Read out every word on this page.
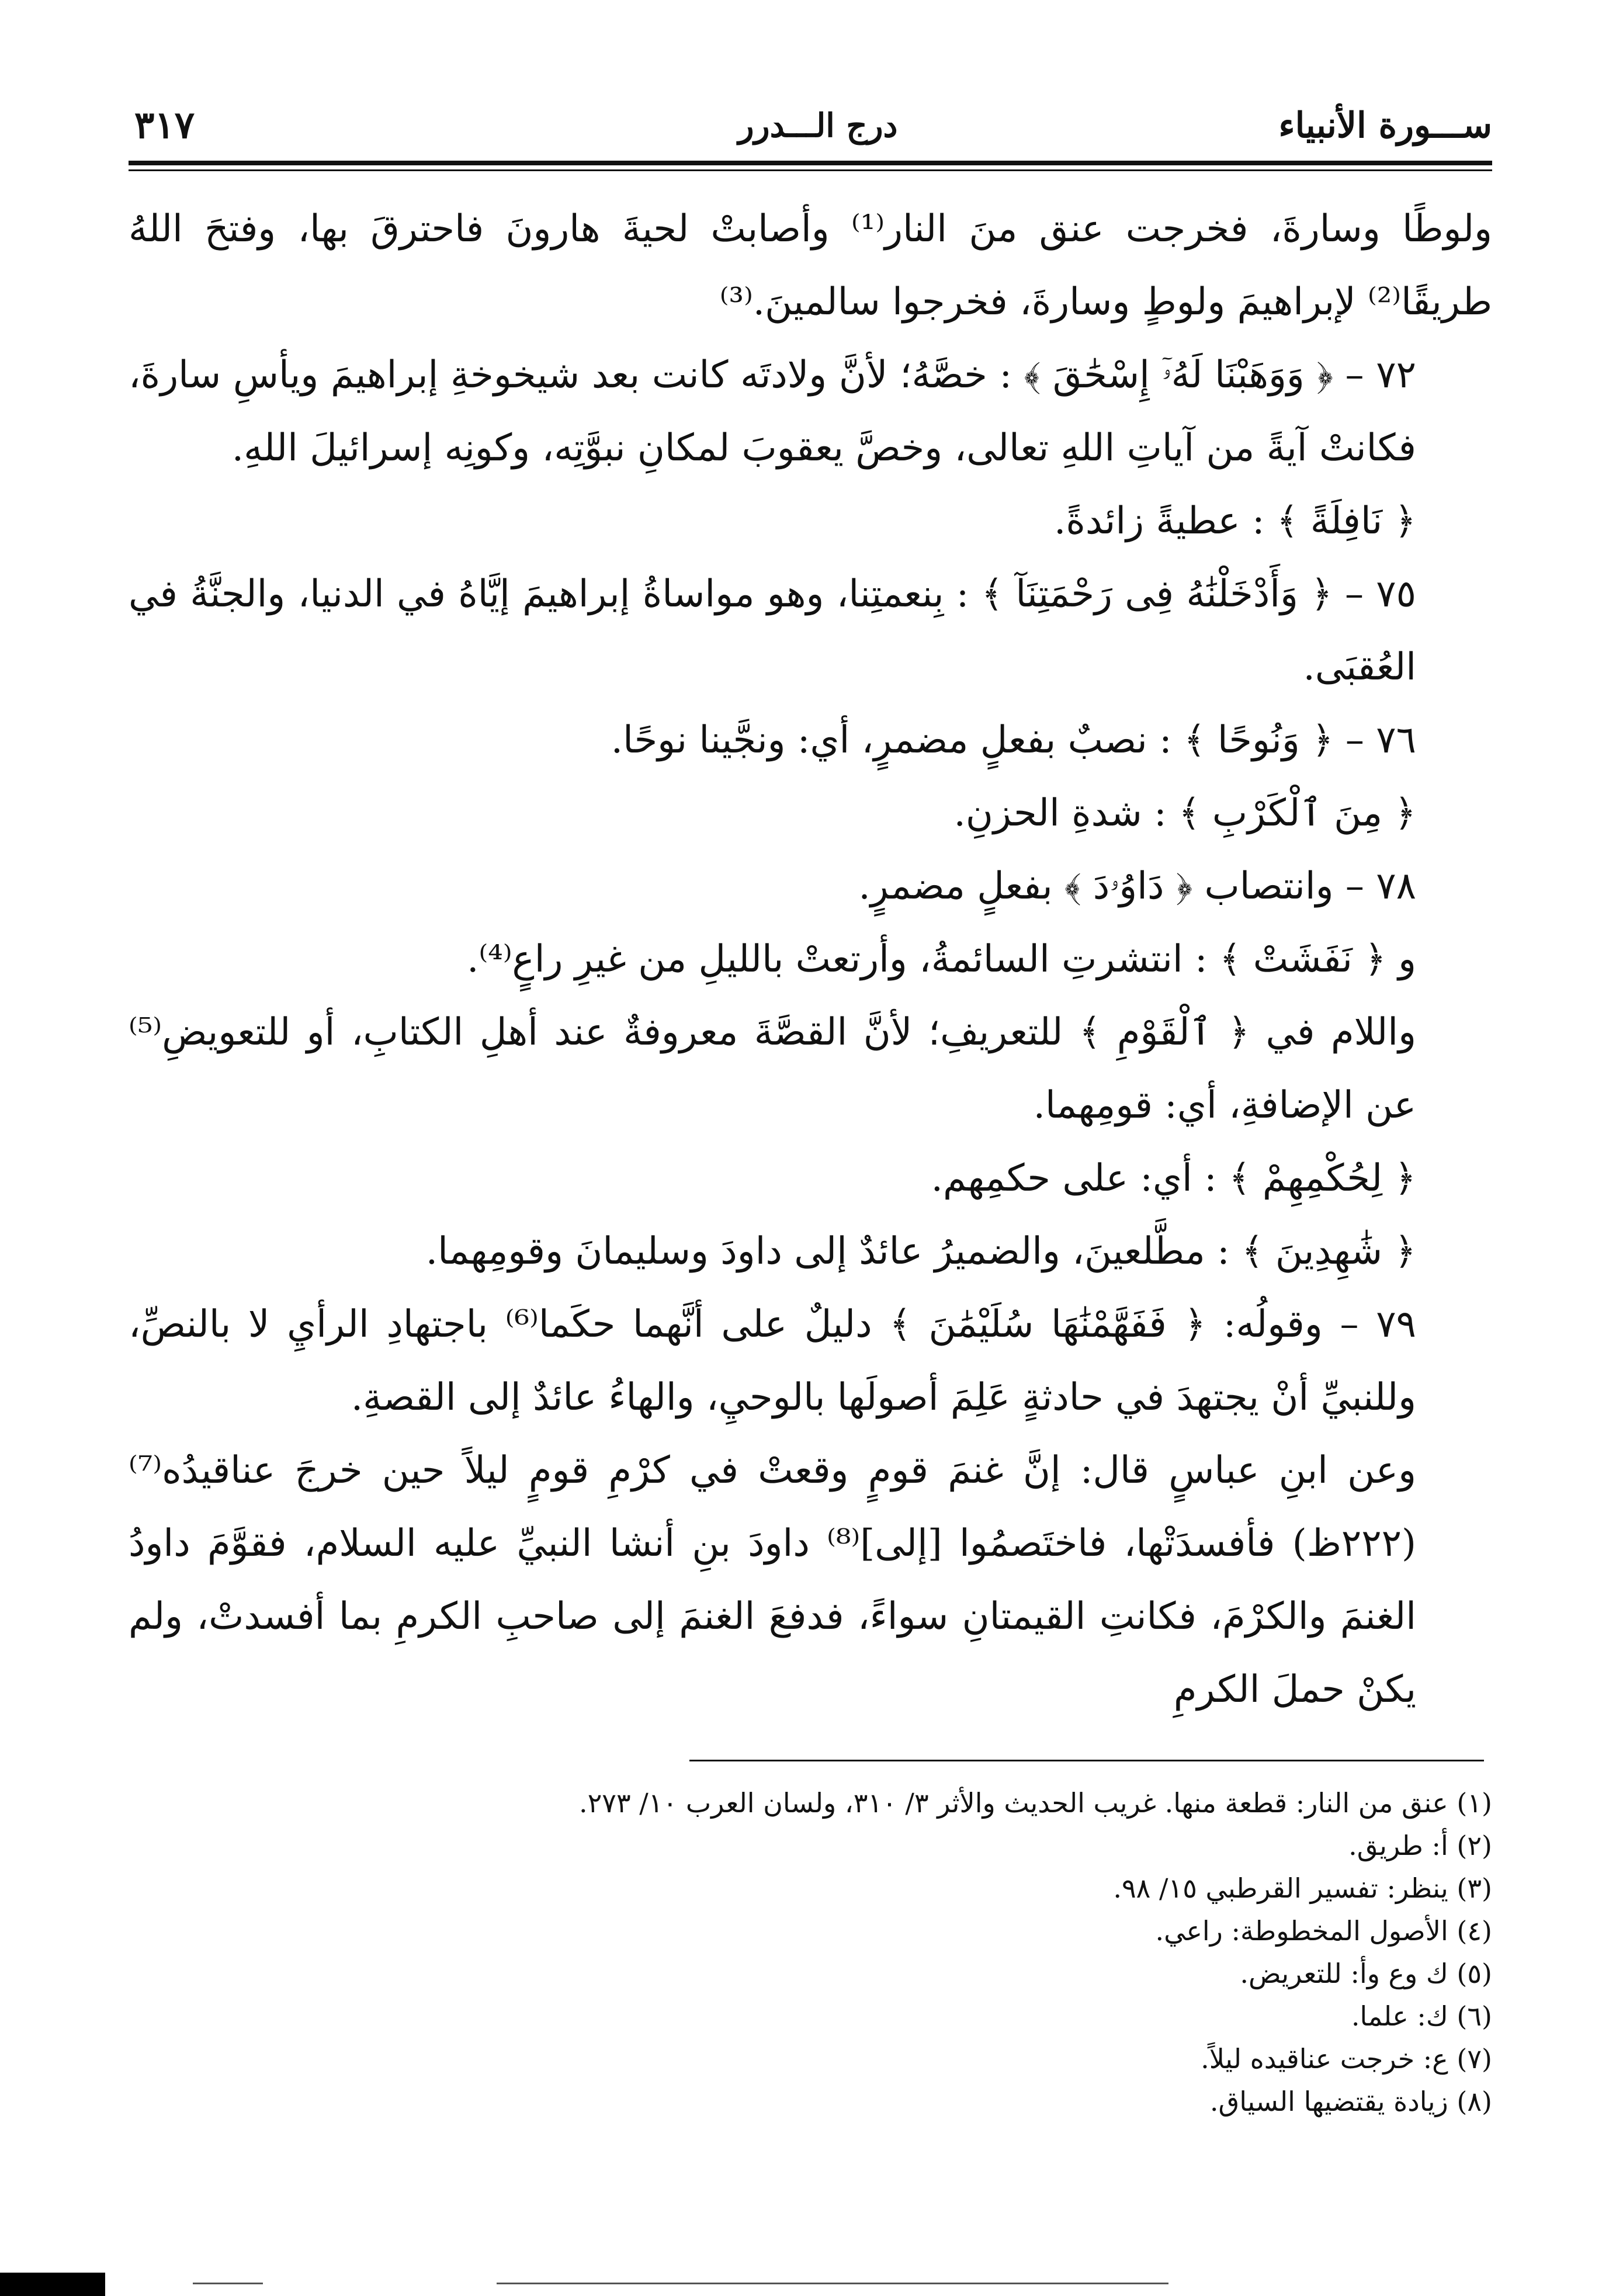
٣١٧	درج الـــدرر	ســـورة الأنبياء

ولوطًا وسارةَ، فخرجت عنق منَ النار⁽¹⁾ وأصابتْ لحيةَ هارونَ فاحترقَ بها، وفتحَ اللهُ طريقًا⁽²⁾ لإبراهيمَ ولوطٍ وسارةَ، فخرجوا سالمينَ.⁽³⁾

٧٢ – ﴿ وَوَهَبْنَا لَهُۥٓ إِسْحَٰقَ ﴾ : خصَّهُ؛ لأنَّ ولادتَه كانت بعد شيخوخةِ إبراهيمَ ويأسِ سارةَ، فكانتْ آيةً من آياتِ اللهِ تعالى، وخصَّ يعقوبَ لمكانِ نبوَّتِه، وكونِه إسرائيلَ اللهِ.

﴿ نَافِلَةً ﴾ : عطيةً زائدةً.

٧٥ – ﴿ وَأَدْخَلْنَٰهُ فِى رَحْمَتِنَآ ﴾ : بِنعمتِنا، وهو مواساةُ إبراهيمَ إيَّاهُ في الدنيا، والجنَّةُ في العُقبَى.

٧٦ – ﴿ وَنُوحًا ﴾ : نصبٌ بفعلٍ مضمرٍ، أي: ونجَّينا نوحًا.

﴿ مِنَ ٱلْكَرْبِ ﴾ : شدةِ الحزنِ.

٧٨ – وانتصاب ﴿ دَاوُۥدَ ﴾ بفعلٍ مضمرٍ.

و ﴿ نَفَشَتْ ﴾ : انتشرتِ السائمةُ، وأرتعتْ بالليلِ من غيرِ راعٍ⁽⁴⁾.

واللام في ﴿ ٱلْقَوْمِ ﴾ للتعريفِ؛ لأنَّ القصَّةَ معروفةٌ عند أهلِ الكتابِ، أو للتعويضِ⁽⁵⁾ عن الإضافةِ، أي: قومِهما.

﴿ لِحُكْمِهِمْ ﴾ : أي: على حكمِهم.

﴿ شَٰهِدِينَ ﴾ : مطَّلعينَ، والضميرُ عائدٌ إلى داودَ وسليمانَ وقومِهما.

٧٩ – وقولُه: ﴿ فَفَهَّمْنَٰهَا سُلَيْمَٰنَ ﴾ دليلٌ على أنَّهما حكَما⁽⁶⁾ باجتهادِ الرأيِ لا بالنصِّ، وللنبيِّ أنْ يجتهدَ في حادثةٍ عَلِمَ أصولَها بالوحيِ، والهاءُ عائدٌ إلى القصةِ.

وعن ابنِ عباسٍ قال: إنَّ غنمَ قومٍ وقعتْ في كرْمِ قومٍ ليلاً حين خرجَ عناقيدُه⁽⁷⁾ (٢٢٢ظ) فأفسدَتْها، فاختَصمُوا [إلى]⁽⁸⁾ داودَ بنِ أنشا النبيِّ عليه السلام، فقوَّمَ داودُ الغنمَ والكرْمَ، فكانتِ القيمتانِ سواءً، فدفعَ الغنمَ إلى صاحبِ الكرمِ بما أفسدتْ، ولم يكنْ حملَ الكرمِ

(١) عنق من النار: قطعة منها. غريب الحديث والأثر ٣/ ٣١٠، ولسان العرب ١٠/ ٢٧٣.

(٢) أ: طريق.

(٣) ينظر: تفسير القرطبي ١٥/ ٩٨.

(٤) الأصول المخطوطة: راعي.

(٥) ك وع وأ: للتعريض.

(٦) ك: علما.

(٧) ع: خرجت عناقيده ليلاً.

(٨) زيادة يقتضيها السياق.
